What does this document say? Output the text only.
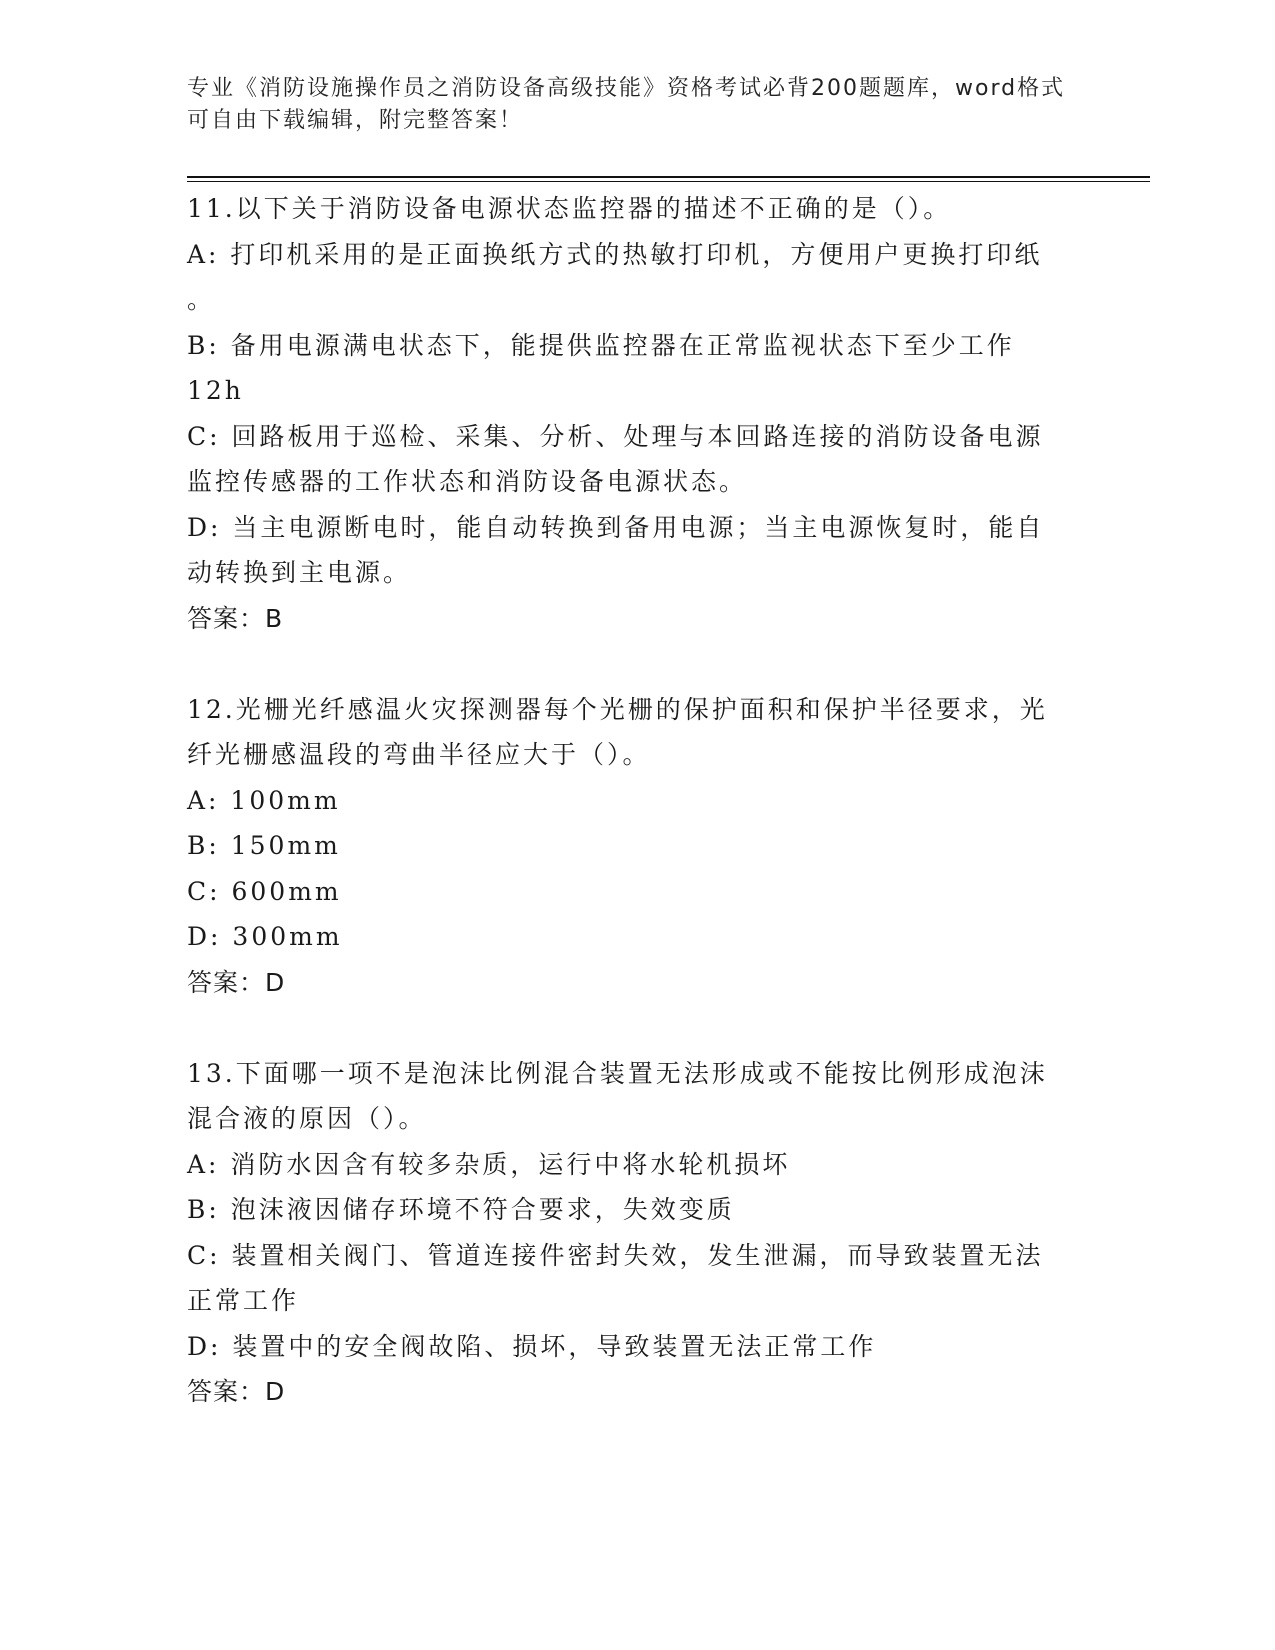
专业《消防设施操作员之消防设备高级技能》资格考试必背200题题库，word格式可自由下载编辑，附完整答案！
11.以下关于消防设备电源状态监控器的描述不正确的是（）。
A: 打印机采用的是正面换纸方式的热敏打印机，方便用户更换打印纸
。
B: 备用电源满电状态下，能提供监控器在正常监视状态下至少工作
12h
C: 回路板用于巡检、采集、分析、处理与本回路连接的消防设备电源
监控传感器的工作状态和消防设备电源状态。
D: 当主电源断电时，能自动转换到备用电源；当主电源恢复时，能自
动转换到主电源。
答案：B
12.光栅光纤感温火灾探测器每个光栅的保护面积和保护半径要求，光
纤光栅感温段的弯曲半径应大于（）。
A: 100mm
B: 150mm
C: 600mm
D: 300mm
答案：D
13.下面哪一项不是泡沫比例混合装置无法形成或不能按比例形成泡沫
混合液的原因（）。
A: 消防水因含有较多杂质，运行中将水轮机损坏
B: 泡沫液因储存环境不符合要求，失效变质
C: 装置相关阀门、管道连接件密封失效，发生泄漏，而导致装置无法
正常工作
D: 装置中的安全阀故陷、损坏，导致装置无法正常工作
答案：D
